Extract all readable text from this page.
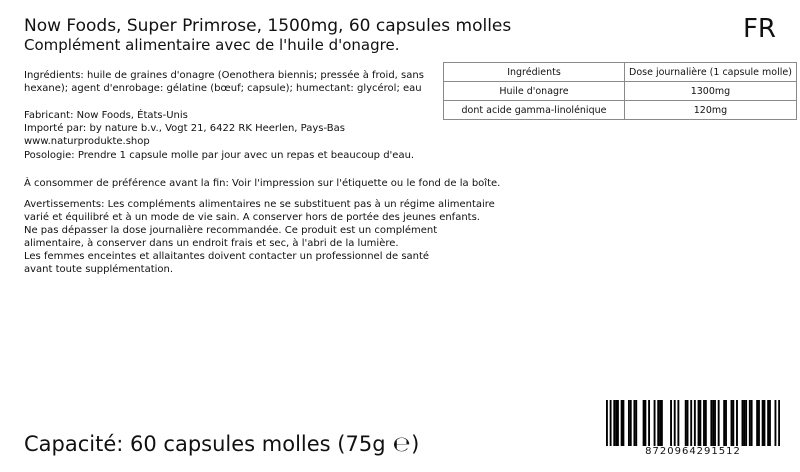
Now Foods, Super Primrose, 1500mg, 60 capsules molles
Complément alimentaire avec de l'huile d'onagre.
FR
Ingrédients: huile de graines d'onagre (Oenothera biennis; pressée à froid, sans
hexane); agent d'enrobage: gélatine (bœuf; capsule); humectant: glycérol; eau
Fabricant: Now Foods, États-Unis
Importé par: by nature b.v., Vogt 21, 6422 RK Heerlen, Pays-Bas
www.naturprodukte.shop
Posologie: Prendre 1 capsule molle par jour avec un repas et beaucoup d'eau.
À consommer de préférence avant la fin: Voir l'impression sur l'étiquette ou le fond de la boîte.
Avertissements: Les compléments alimentaires ne se substituent pas à un régime alimentaire
varié et équilibré et à un mode de vie sain. A conserver hors de portée des jeunes enfants.
Ne pas dépasser la dose journalière recommandée. Ce produit est un complément
alimentaire, à conserver dans un endroit frais et sec, à l'abri de la lumière.
Les femmes enceintes et allaitantes doivent contacter un professionnel de santé
avant toute supplémentation.
Ingrédients	Dose journalière (1 capsule molle)
Huile d'onagre	1300mg
dont acide gamma-linolénique	120mg
Capacité: 60 capsules molles (75g ℮)	8720964291512
